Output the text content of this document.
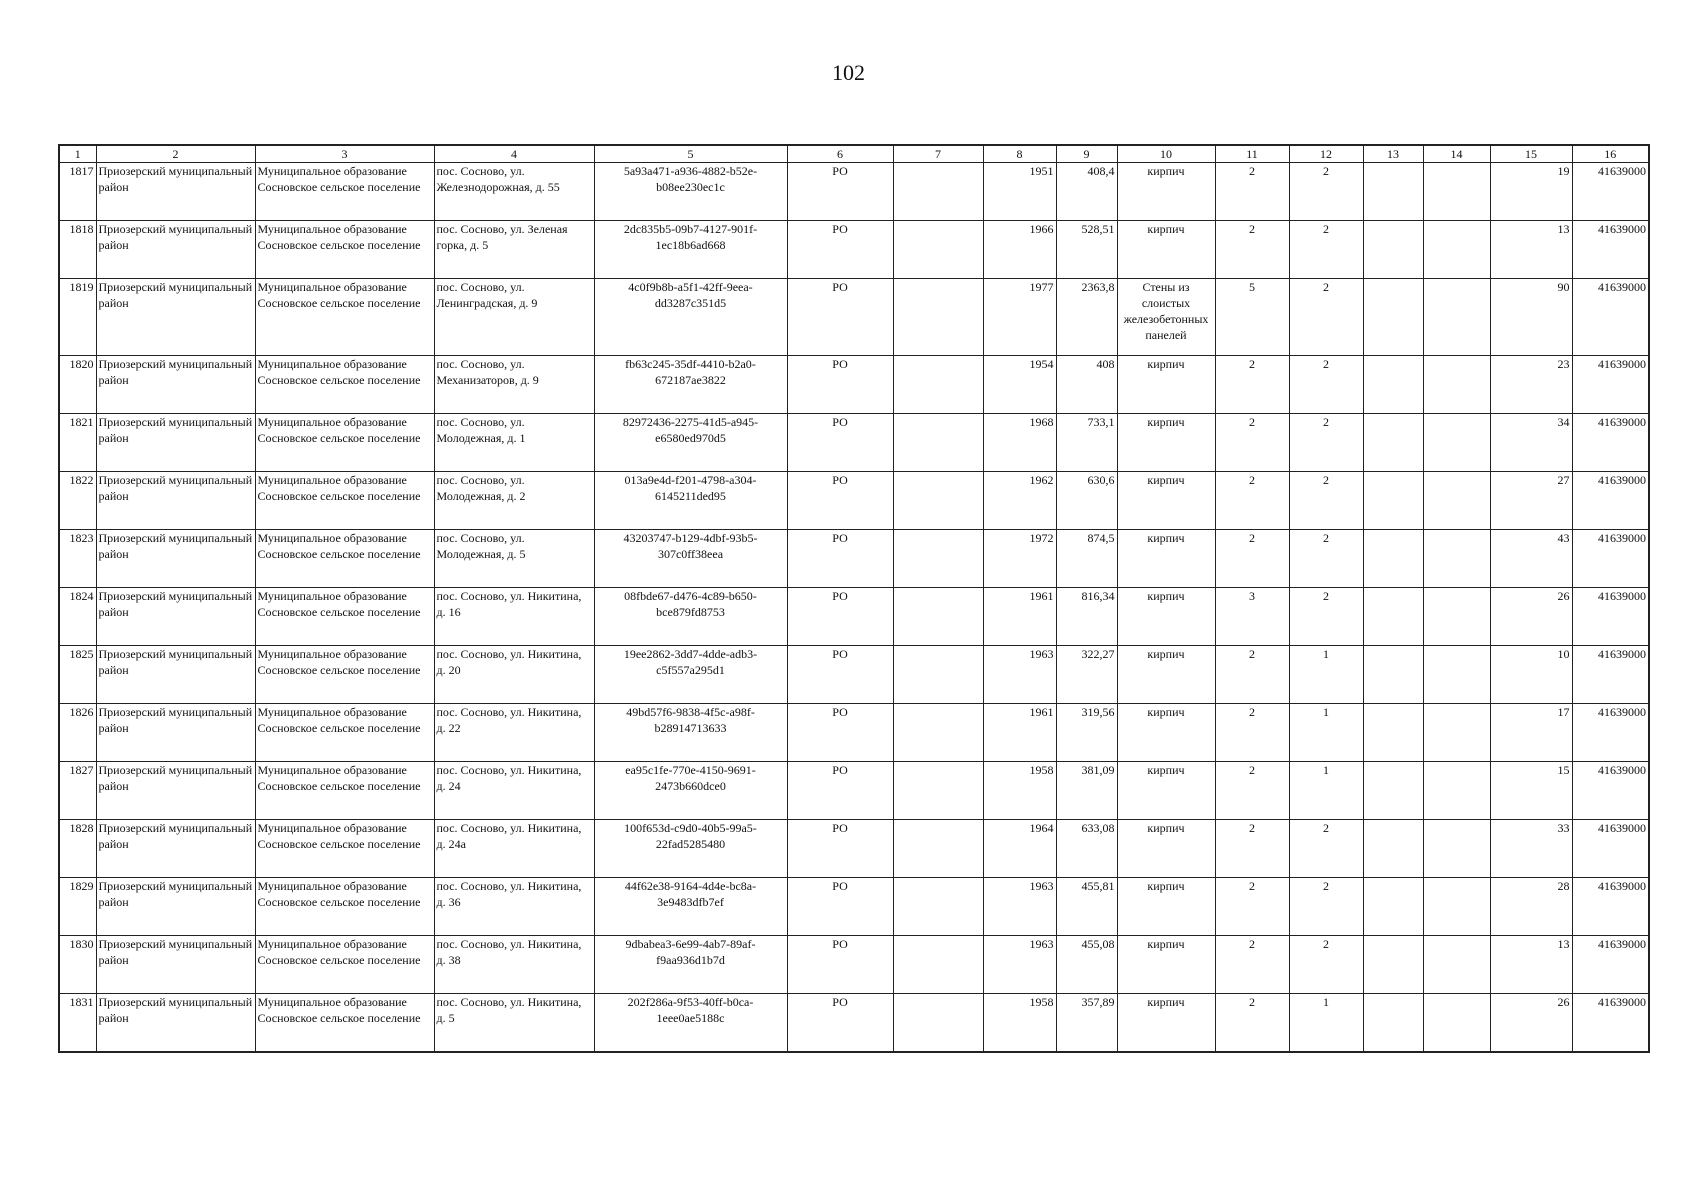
102
1	2	3	4	5	6	7	8	9	10	11	12	13	14	15	16
1817	Приозерский муниципальный район	Муниципальное образование Сосновское сельское поселение	пос. Сосново, ул. Железнодорожная, д. 55	5a93a471-a936-4882-b52e-b08ee230ec1c	РО		1951	408,4	кирпич	2	2			19	41639000
1818	Приозерский муниципальный район	Муниципальное образование Сосновское сельское поселение	пос. Сосново, ул. Зеленая горка, д. 5	2dc835b5-09b7-4127-901f-1ec18b6ad668	РО		1966	528,51	кирпич	2	2			13	41639000
1819	Приозерский муниципальный район	Муниципальное образование Сосновское сельское поселение	пос. Сосново, ул. Ленинградская, д. 9	4c0f9b8b-a5f1-42ff-9eea-dd3287c351d5	РО		1977	2363,8	Стены из слоистых железобетонных панелей	5	2			90	41639000
1820	Приозерский муниципальный район	Муниципальное образование Сосновское сельское поселение	пос. Сосново, ул. Механизаторов, д. 9	fb63c245-35df-4410-b2a0-672187ae3822	РО		1954	408	кирпич	2	2			23	41639000
1821	Приозерский муниципальный район	Муниципальное образование Сосновское сельское поселение	пос. Сосново, ул. Молодежная, д. 1	82972436-2275-41d5-a945-e6580ed970d5	РО		1968	733,1	кирпич	2	2			34	41639000
1822	Приозерский муниципальный район	Муниципальное образование Сосновское сельское поселение	пос. Сосново, ул. Молодежная, д. 2	013a9e4d-f201-4798-a304-6145211ded95	РО		1962	630,6	кирпич	2	2			27	41639000
1823	Приозерский муниципальный район	Муниципальное образование Сосновское сельское поселение	пос. Сосново, ул. Молодежная, д. 5	43203747-b129-4dbf-93b5-307c0ff38eea	РО		1972	874,5	кирпич	2	2			43	41639000
1824	Приозерский муниципальный район	Муниципальное образование Сосновское сельское поселение	пос. Сосново, ул. Никитина, д. 16	08fbde67-d476-4c89-b650-bce879fd8753	РО		1961	816,34	кирпич	3	2			26	41639000
1825	Приозерский муниципальный район	Муниципальное образование Сосновское сельское поселение	пос. Сосново, ул. Никитина, д. 20	19ee2862-3dd7-4dde-adb3-c5f557a295d1	РО		1963	322,27	кирпич	2	1			10	41639000
1826	Приозерский муниципальный район	Муниципальное образование Сосновское сельское поселение	пос. Сосново, ул. Никитина, д. 22	49bd57f6-9838-4f5c-a98f-b28914713633	РО		1961	319,56	кирпич	2	1			17	41639000
1827	Приозерский муниципальный район	Муниципальное образование Сосновское сельское поселение	пос. Сосново, ул. Никитина, д. 24	ea95c1fe-770e-4150-9691-2473b660dce0	РО		1958	381,09	кирпич	2	1			15	41639000
1828	Приозерский муниципальный район	Муниципальное образование Сосновское сельское поселение	пос. Сосново, ул. Никитина, д. 24а	100f653d-c9d0-40b5-99a5-22fad5285480	РО		1964	633,08	кирпич	2	2			33	41639000
1829	Приозерский муниципальный район	Муниципальное образование Сосновское сельское поселение	пос. Сосново, ул. Никитина, д. 36	44f62e38-9164-4d4e-bc8a-3e9483dfb7ef	РО		1963	455,81	кирпич	2	2			28	41639000
1830	Приозерский муниципальный район	Муниципальное образование Сосновское сельское поселение	пос. Сосново, ул. Никитина, д. 38	9dbabea3-6e99-4ab7-89af-f9aa936d1b7d	РО		1963	455,08	кирпич	2	2			13	41639000
1831	Приозерский муниципальный район	Муниципальное образование Сосновское сельское поселение	пос. Сосново, ул. Никитина, д. 5	202f286a-9f53-40ff-b0ca-1eee0ae5188c	РО		1958	357,89	кирпич	2	1			26	41639000
